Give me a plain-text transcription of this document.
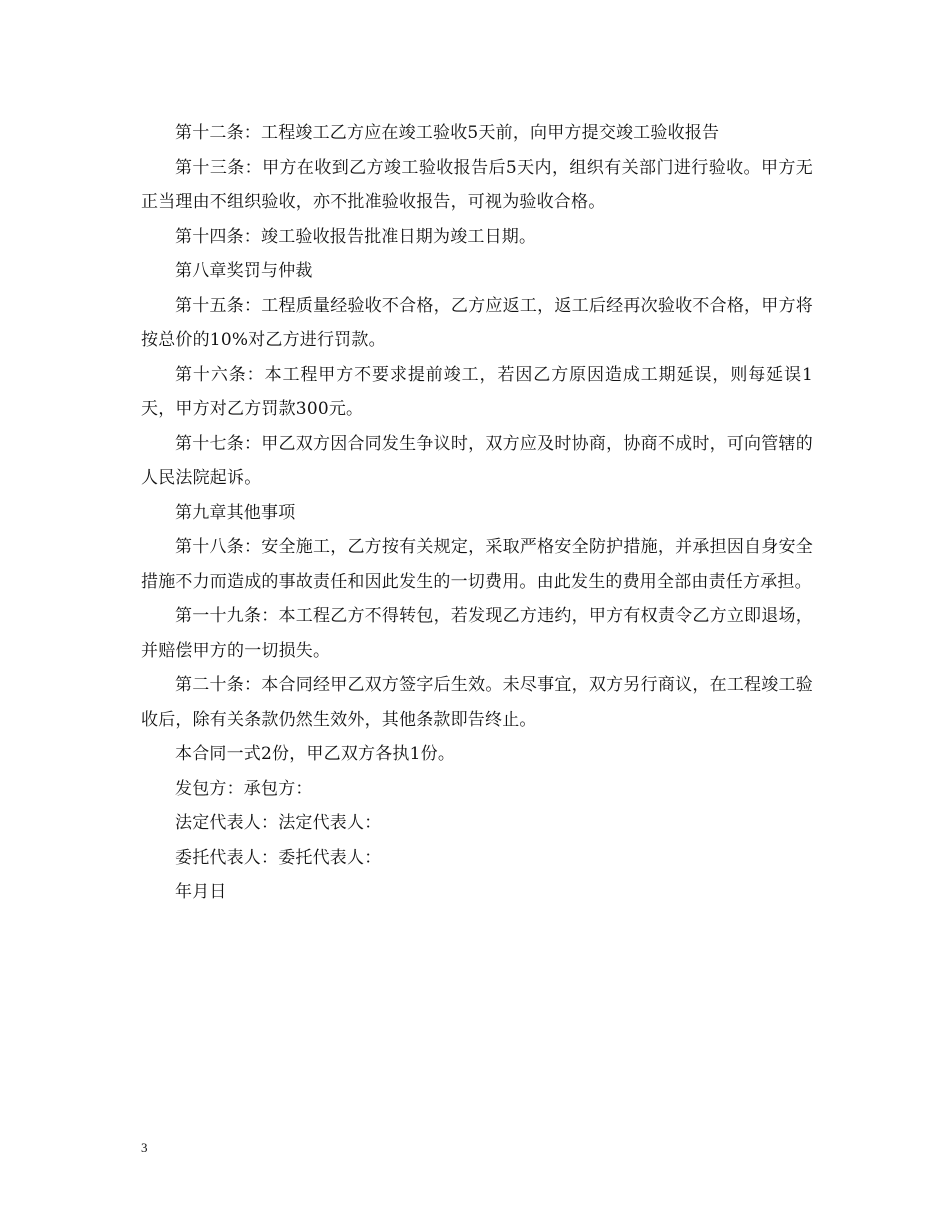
第十二条：工程竣工乙方应在竣工验收5天前，向甲方提交竣工验收报告

第十三条：甲方在收到乙方竣工验收报告后5天内，组织有关部门进行验收。甲方无正当理由不组织验收，亦不批准验收报告，可视为验收合格。

第十四条：竣工验收报告批准日期为竣工日期。

第八章奖罚与仲裁

第十五条：工程质量经验收不合格，乙方应返工，返工后经再次验收不合格，甲方将按总价的10%对乙方进行罚款。

第十六条：本工程甲方不要求提前竣工，若因乙方原因造成工期延误，则每延误1天，甲方对乙方罚款300元。

第十七条：甲乙双方因合同发生争议时，双方应及时协商，协商不成时，可向管辖的人民法院起诉。

第九章其他事项

第十八条：安全施工，乙方按有关规定，采取严格安全防护措施，并承担因自身安全措施不力而造成的事故责任和因此发生的一切费用。由此发生的费用全部由责任方承担。

第一十九条：本工程乙方不得转包，若发现乙方违约，甲方有权责令乙方立即退场，并赔偿甲方的一切损失。

第二十条：本合同经甲乙双方签字后生效。未尽事宜，双方另行商议，在工程竣工验收后，除有关条款仍然生效外，其他条款即告终止。

本合同一式2份，甲乙双方各执1份。

发包方：承包方：

法定代表人：法定代表人：

委托代表人：委托代表人：

年月日

3
